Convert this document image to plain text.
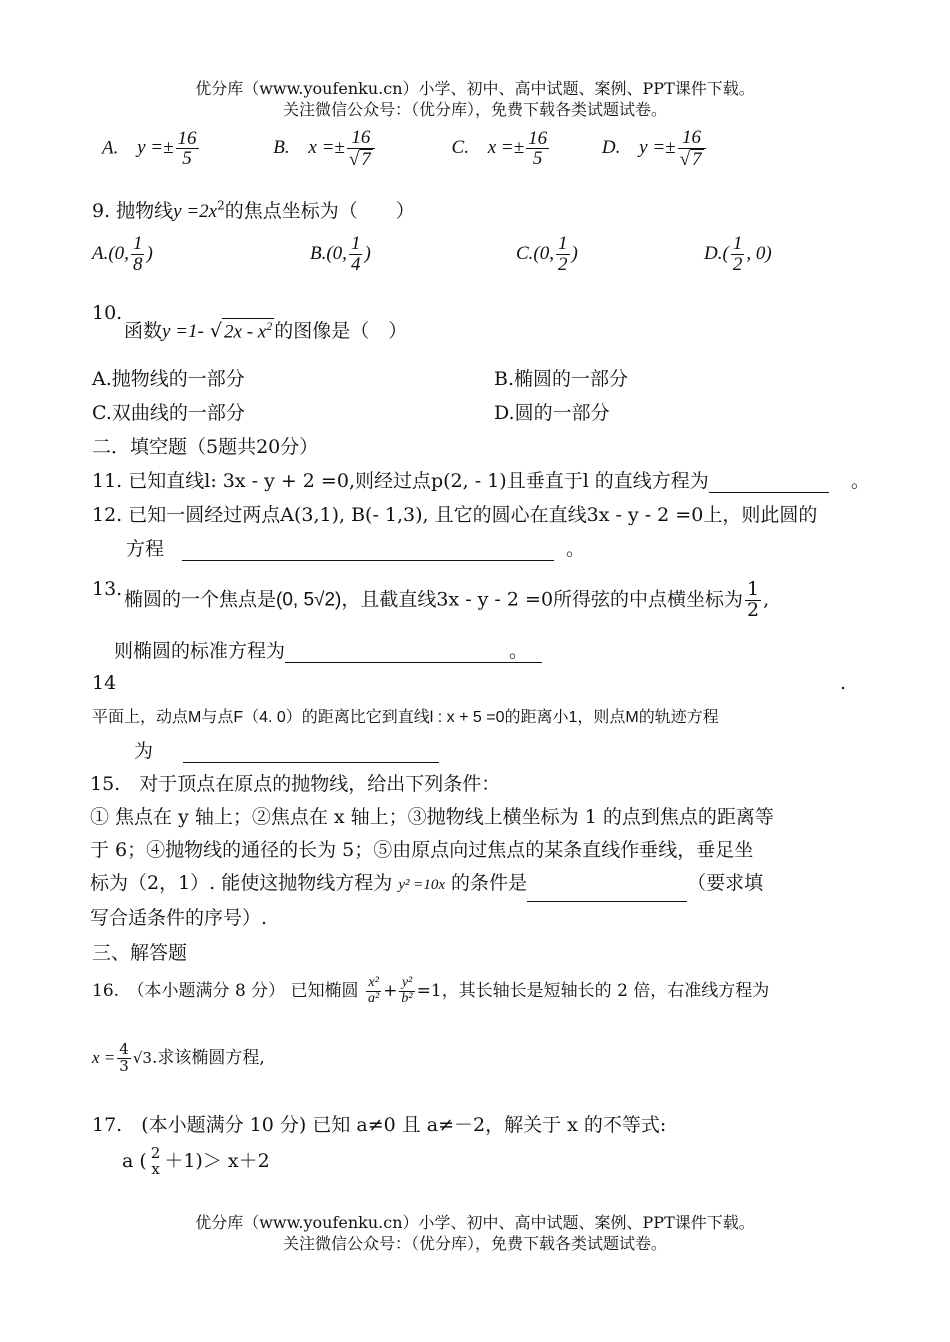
优分库（www.youfenku.cn）小学、初中、高中试题、案例、PPT课件下载。
关注微信公众号：（优分库），免费下载各类试题试卷。
A. $y =\pm \frac{16}{5}$	B. $x =\pm \frac{16}{√ 7}$	C. $x =\pm \frac{16}{5}$	D. $y =\pm \frac{16}{√ 7}$
9. 抛物线$y =2x^2$的焦点坐标为（　　）
A.(0, $\frac{1}{8}$ )	B.(0, $\frac{1}{4}$ )	C.(0, $\frac{1}{2}$ )	$D.( \frac{1}{2}$ , 0)
10.
函数y =1- √ $2x - x^2$ 的图像是（　）
A.抛物线的一部分	B.椭圆的一部分
C.双曲线的一部分	D.圆的一部分
二．填空题（5题共20分）
11. 已知直线l: 3x - y + 2 =0,则经过点p(2, - 1)且垂直于l 的直线方程为	。
12. 已知一圆经过两点A(3,1), B(- 1,3), 且它的圆心在直线3x - y - 2 =0上，则此圆的
方程	。
13. 椭圆的一个焦点是(0, 5√2)，且截直线3x - y - 2 =0所得弦的中点横坐标为 $\frac{1}{2}$ ,
则椭圆的标准方程为	。
14	.
平面上，动点M与点F（4. 0）的距离比它到直线l : x + 5 =0的距离小1，则点M的轨迹方程
为
15.　对于顶点在原点的抛物线，给出下列条件：
① 焦点在 y 轴上；②焦点在 x 轴上；③抛物线上横坐标为 1 的点到焦点的距离等
于 6；④抛物线的通径的长为 5；⑤由原点向过焦点的某条直线作垂线，垂足坐
标为（2，1）. 能使这抛物线方程为 y² =10x 的条件是	（要求填
写合适条件的序号）.
三、解答题
16.　（本小题满分 8 分） 已知椭圆 $\frac{\text{x²}}{\text{a²}} + \frac{\text{y²}}{\text{b²}} =1$，其长轴长是短轴长的 2 倍，右准线方程为
$x = \frac{4}{3} √3$.求该椭圆方程,
17.　(本小题满分 10 分) 已知 a≠0 且 a≠－2，解关于 x 的不等式:
a ( 2
x ＋1)＞ x＋2
优分库（www.youfenku.cn）小学、初中、高中试题、案例、PPT课件下载。
关注微信公众号：（优分库），免费下载各类试题试卷。
